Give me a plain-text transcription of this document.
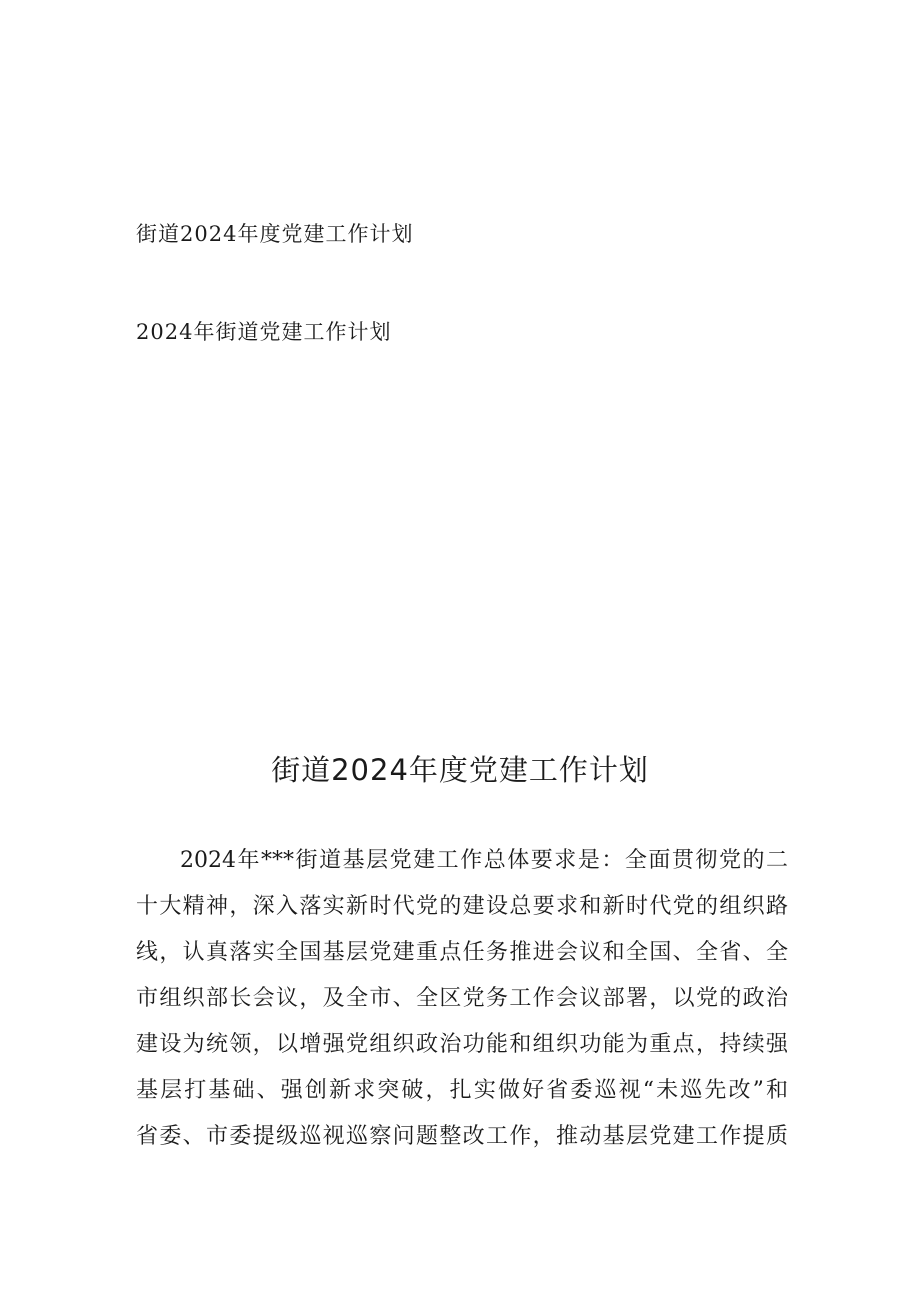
街道2024年度党建工作计划
2024年街道党建工作计划
街道2024年度党建工作计划
2024年***街道基层党建工作总体要求是：全面贯彻党的二
十大精神，深入落实新时代党的建设总要求和新时代党的组织路
线，认真落实全国基层党建重点任务推进会议和全国、全省、全
市组织部长会议，及全市、全区党务工作会议部署，以党的政治
建设为统领，以增强党组织政治功能和组织功能为重点，持续强
基层打基础、强创新求突破，扎实做好省委巡视“未巡先改”和
省委、市委提级巡视巡察问题整改工作，推动基层党建工作提质
